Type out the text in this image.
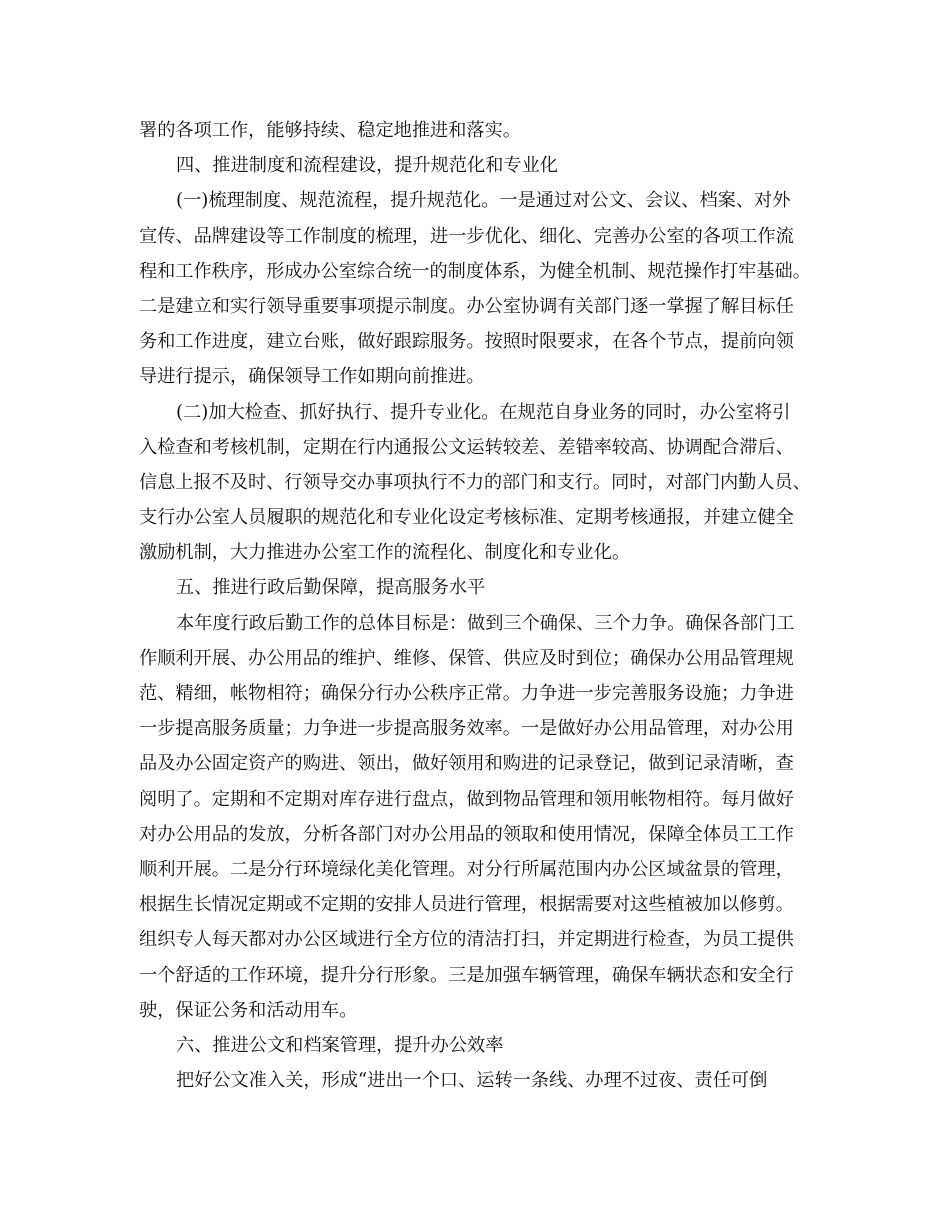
署的各项工作，能够持续、稳定地推进和落实。
四、推进制度和流程建设，提升规范化和专业化
(一)梳理制度、规范流程，提升规范化。一是通过对公文、会议、档案、对外
宣传、品牌建设等工作制度的梳理，进一步优化、细化、完善办公室的各项工作流
程和工作秩序，形成办公室综合统一的制度体系，为健全机制、规范操作打牢基础。
二是建立和实行领导重要事项提示制度。办公室协调有关部门逐一掌握了解目标任
务和工作进度，建立台账，做好跟踪服务。按照时限要求，在各个节点，提前向领
导进行提示，确保领导工作如期向前推进。
(二)加大检查、抓好执行、提升专业化。在规范自身业务的同时，办公室将引
入检查和考核机制，定期在行内通报公文运转较差、差错率较高、协调配合滞后、
信息上报不及时、行领导交办事项执行不力的部门和支行。同时，对部门内勤人员、
支行办公室人员履职的规范化和专业化设定考核标准、定期考核通报，并建立健全
激励机制，大力推进办公室工作的流程化、制度化和专业化。
五、推进行政后勤保障，提高服务水平
本年度行政后勤工作的总体目标是：做到三个确保、三个力争。确保各部门工
作顺利开展、办公用品的维护、维修、保管、供应及时到位；确保办公用品管理规
范、精细，帐物相符；确保分行办公秩序正常。力争进一步完善服务设施；力争进
一步提高服务质量；力争进一步提高服务效率。一是做好办公用品管理，对办公用
品及办公固定资产的购进、领出，做好领用和购进的记录登记，做到记录清晰，查
阅明了。定期和不定期对库存进行盘点，做到物品管理和领用帐物相符。每月做好
对办公用品的发放，分析各部门对办公用品的领取和使用情况，保障全体员工工作
顺利开展。二是分行环境绿化美化管理。对分行所属范围内办公区域盆景的管理，
根据生长情况定期或不定期的安排人员进行管理，根据需要对这些植被加以修剪。
组织专人每天都对办公区域进行全方位的清洁打扫，并定期进行检查，为员工提供
一个舒适的工作环境，提升分行形象。三是加强车辆管理，确保车辆状态和安全行
驶，保证公务和活动用车。
六、推进公文和档案管理，提升办公效率
把好公文准入关，形成“进出一个口、运转一条线、办理不过夜、责任可倒
